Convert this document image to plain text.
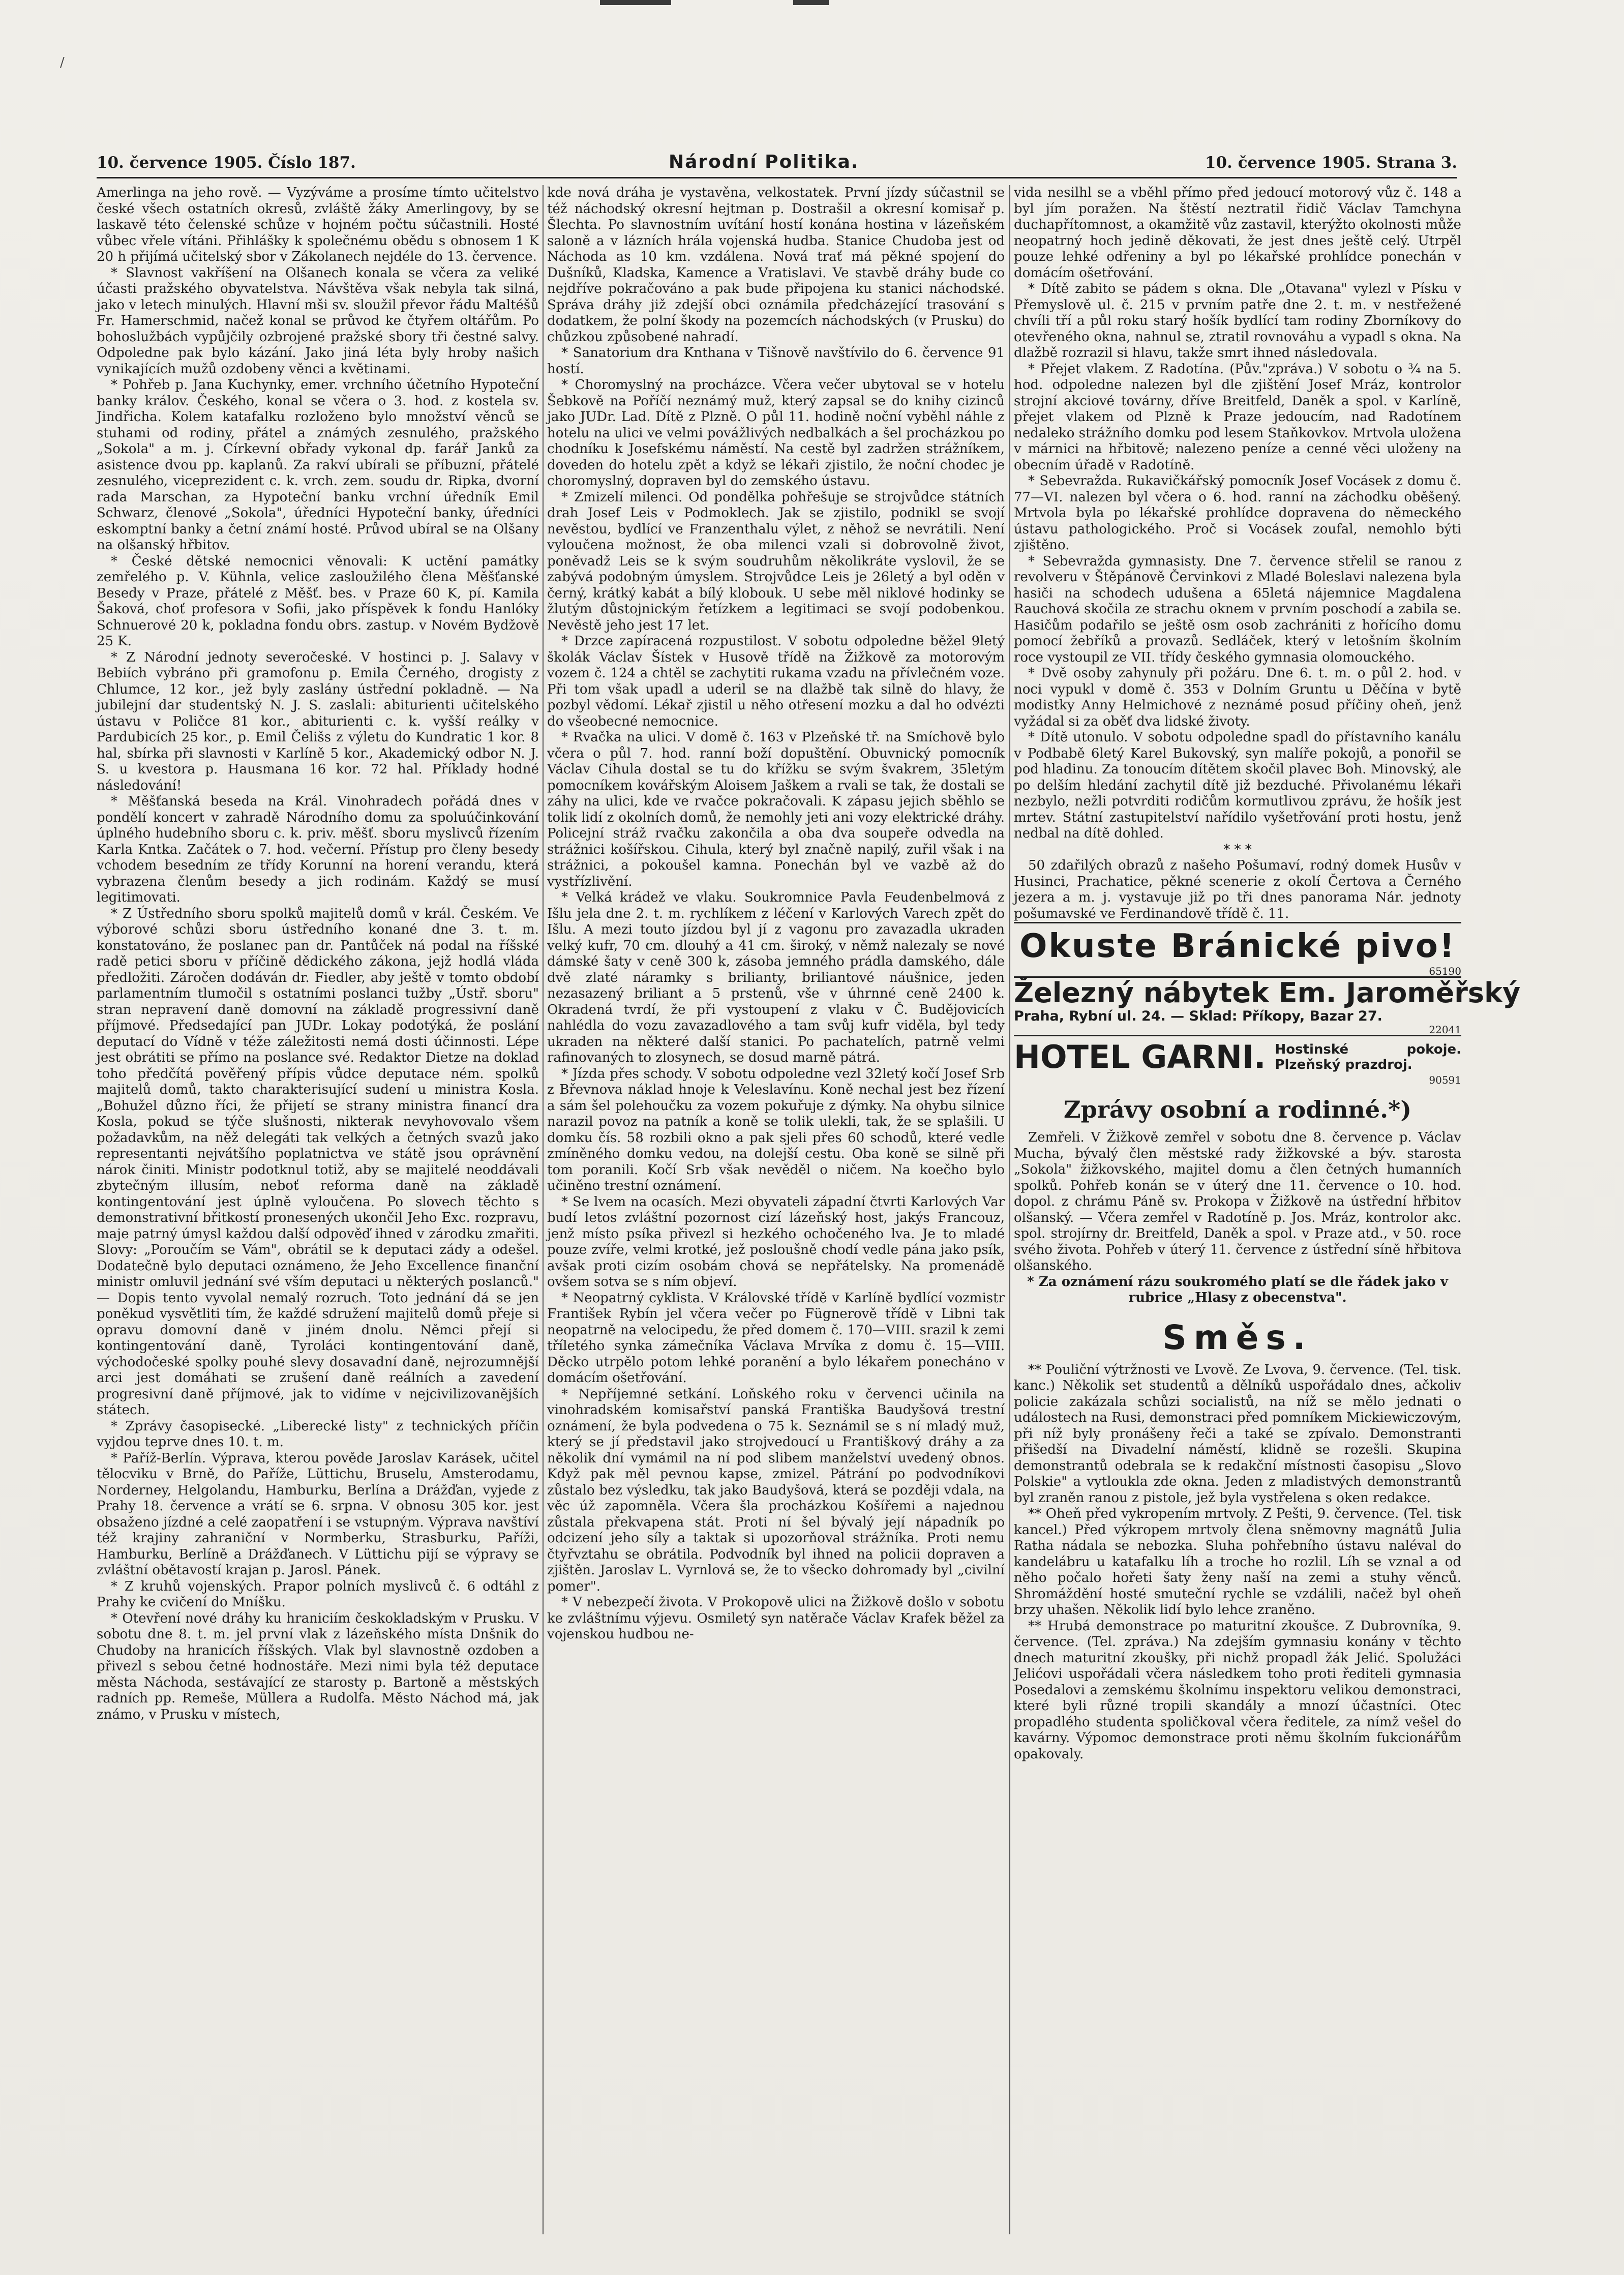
/
10. července 1905. Číslo 187.	Národní Politika.	10. července 1905. Strana 3.

Amerlinga na jeho rově. — Vyzýváme a prosíme tímto učitelstvo české všech ostatních okresů, zvláště žáky Amerlingovy, by se laskavě této čelenské schůze v hojném počtu súčastnili. Hosté vůbec vřele vítáni. Přihlášky k společnému obědu s obnosem 1 K 20 h přijímá učitelský sbor v Zákolanech nejdéle do 13. července.

* Slavnost vakříšení na Olšanech konala se včera za veliké účasti pražského obyvatelstva. Návštěva však nebyla tak silná, jako v letech minulých. Hlavní mši sv. sloužil převor řádu Maltéšů Fr. Hamerschmid, načež konal se průvod ke čtyřem oltářům. Po bohoslužbách vypůjčily ozbrojené pražské sbory tři čestné salvy. Odpoledne pak bylo kázání. Jako jiná léta byly hroby našich vynikajících mužů ozdobeny věnci a květinami.

* Pohřeb p. Jana Kuchynky, emer. vrchního účetního Hypoteční banky králov. Českého, konal se včera o 3. hod. z kostela sv. Jindřicha. Kolem katafalku rozloženo bylo množství věnců se stuhami od rodiny, přátel a známých zesnulého, pražského „Sokola" a m. j. Církevní obřady vykonal dp. farář Janků za asistence dvou pp. kaplanů. Za rakví ubírali se příbuzní, přátelé zesnulého, viceprezident c. k. vrch. zem. soudu dr. Ripka, dvorní rada Marschan, za Hypoteční banku vrchní úředník Emil Schwarz, členové „Sokola", úředníci Hypoteční banky, úředníci eskomptní banky a četní známí hosté. Průvod ubíral se na Olšany na olšanský hřbitov.

* České dětské nemocnici věnovali: K uctění památky zemřelého p. V. Kühnla, velice zasloužilého člena Měšťanské Besedy v Praze, přátelé z Měšť. bes. v Praze 60 K, pí. Kamila Šaková, choť profesora v Sofii, jako příspěvek k fondu Hanlóky Schnuerové 20 k, pokladna fondu obrs. zastup. v Novém Bydžově 25 K.

* Z Národní jednoty severočeské. V hostinci p. J. Salavy v Bebiích vybráno při gramofonu p. Emila Černého, drogisty z Chlumce, 12 kor., jež byly zaslány ústřední pokladně. — Na jubilejní dar studentský N. J. S. zaslali: abiturienti učitelského ústavu v Poličce 81 kor., abiturienti c. k. vyšší reálky v Pardubicích 25 kor., p. Emil Čelišs z výletu do Kundratic 1 kor. 8 hal, sbírka při slavnosti v Karlíně 5 kor., Akademický odbor N. J. S. u kvestora p. Hausmana 16 kor. 72 hal. Příklady hodné následování!

* Měšťanská beseda na Král. Vinohradech pořádá dnes v pondělí koncert v zahradě Národního domu za spoluúčinkování úplného hudebního sboru c. k. priv. měšť. sboru myslivců řízením Karla Kntka. Začátek o 7. hod. večerní. Přístup pro členy besedy vchodem besedním ze třídy Korunní na horení verandu, která vybrazena členům besedy a jich rodinám. Každý se musí legitimovati.

* Z Ústředního sboru spolků majitelů domů v král. Českém. Ve výborové schůzi sboru ústředního konané dne 3. t. m. konstatováno, že poslanec pan dr. Pantůček ná podal na říšské radě petici sboru v příčině dědického zákona, jejž hodlá vláda předložiti. Záročen dodáván dr. Fiedler, aby ještě v tomto období parlamentním tlumočil s ostatními poslanci tužby „Ústř. sboru" stran nepravení daně domovní na základě progressivní daně příjmové. Předsedající pan JUDr. Lokay podotýká, že poslání deputací do Vídně v téže záležitosti nemá dosti účinnosti. Lépe jest obrátiti se přímo na poslance své. Redaktor Dietze na doklad toho předčítá pověřený přípis vůdce deputace ném. spolků majitelů domů, takto charakterisující sudení u ministra Kosla. „Bohužel důzno říci, že přijetí se strany ministra financí dra Kosla, pokud se týče slušnosti, nikterak nevyhovovalo všem požadavkům, na něž delegáti tak velkých a četných svazů jako representanti nejvátšího poplatnictva ve státě jsou oprávnění nárok činiti. Ministr podotknul totiž, aby se majitelé neoddávali zbytečným illusím, neboť reforma daně na základě kontingentování jest úplně vyloučena. Po slovech těchto s demonstrativní břitkostí pronesených ukončil Jeho Exc. rozpravu, maje patrný úmysl každou další odpověď ihned v zárodku zmařiti. Slovy: „Poroučím se Vám", obrátil se k deputaci zády a odešel. Dodatečně bylo deputaci oznámeno, že Jeho Excellence finanční ministr omluvil jednání své vším deputaci u některých poslanců." — Dopis tento vyvolal nemalý rozruch. Toto jednání dá se jen poněkud vysvětliti tím, že každé sdružení majitelů domů přeje si opravu domovní daně v jiném dnolu. Němci přejí si kontingentování daně, Tyroláci kontingentování daně, východočeské spolky pouhé slevy dosavadní daně, nejrozumnější arci jest domáhati se zrušení daně reálních a zavedení progresivní daně příjmové, jak to vidíme v nejcivilizovanějších státech.

* Zprávy časopisecké. „Liberecké listy" z technických příčin vyjdou teprve dnes 10. t. m.

* Paříž-Berlín. Výprava, kterou pověde Jaroslav Karásek, učitel tělocviku v Brně, do Paříže, Lüttichu, Bruselu, Amsterodamu, Norderney, Helgolandu, Hamburku, Berlína a Drážďan, vyjede z Prahy 18. července a vrátí se 6. srpna. V obnosu 305 kor. jest obsaženo jízdné a celé zaopatření i se vstupným. Výprava navštíví též krajiny zahraniční v Normberku, Strasburku, Paříži, Hamburku, Berlíně a Drážďanech. V Lüttichu pijí se výpravy se zvláštní obětavostí krajan p. Jarosl. Pánek.

* Z kruhů vojenských. Prapor polních myslivců č. 6 odtáhl z Prahy ke cvičení do Mníšku.

* Otevření nové dráhy ku hraniciím českokladským v Prusku. V sobotu dne 8. t. m. jel první vlak z lázeňského místa Dnšnik do Chudoby na hranicích říšských. Vlak byl slavnostně ozdoben a přivezl s sebou četné hodnostáře. Mezi nimi byla též deputace města Náchoda, sestávající ze starosty p. Bartoně a městských radních pp. Remeše, Müllera a Rudolfa. Město Náchod má, jak známo, v Prusku v místech,

kde nová dráha je vystavěna, velkostatek. První jízdy súčastnil se též náchodský okresní hejtman p. Dostrašil a okresní komisař p. Šlechta. Po slavnostním uvítání hostí konána hostina v lázeňském saloně a v lázních hrála vojenská hudba. Stanice Chudoba jest od Náchoda as 10 km. vzdálena. Nová trať má pěkné spojení do Dušníků, Kladska, Kamence a Vratislavi. Ve stavbě dráhy bude co nejdříve pokračováno a pak bude připojena ku stanici náchodské. Správa dráhy již zdejší obci oznámila předcházející trasování s dodatkem, že polní škody na pozemcích náchodských (v Prusku) do chůzkou způsobené nahradí.

* Sanatorium dra Knthana v Tišnově navštívilo do 6. července 91 hostí.

* Choromyslný na procházce. Včera večer ubytoval se v hotelu Šebkově na Poříčí neznámý muž, který zapsal se do knihy cizinců jako JUDr. Lad. Dítě z Plzně. O půl 11. hodině noční vyběhl náhle z hotelu na ulici ve velmi povážlivých nedbalkách a šel procházkou po chodníku k Josefskému náměstí. Na cestě byl zadržen strážníkem, doveden do hotelu zpět a když se lékaři zjistilo, že noční chodec je choromyslný, dopraven byl do zemského ústavu.

* Zmizelí milenci. Od pondělka pohřešuje se strojvůdce státních drah Josef Leis v Podmoklech. Jak se zjistilo, podnikl se svojí nevěstou, bydlící ve Franzenthalu výlet, z něhož se nevrátili. Není vyloučena možnost, že oba milenci vzali si dobrovolně život, poněvadž Leis se k svým soudruhům několikráte vyslovil, že se zabývá podobným úmyslem. Strojvůdce Leis je 26letý a byl oděn v černý, krátký kabát a bílý klobouk. U sebe měl niklové hodinky se žlutým důstojnickým řetízkem a legitimaci se svojí podobenkou. Nevěstě jeho jest 17 let.

* Drzce zapíracená rozpustilost. V sobotu odpoledne běžel 9letý školák Václav Šístek v Husově třídě na Žižkově za motorovým vozem č. 124 a chtěl se zachytiti rukama vzadu na přívlečném voze. Při tom však upadl a uderil se na dlažbě tak silně do hlavy, že pozbyl vědomí. Lékař zjistil u něho otřesení mozku a dal ho odvézti do všeobecné nemocnice.

* Rvačka na ulici. V domě č. 163 v Plzeňské tř. na Smíchově bylo včera o půl 7. hod. ranní boží dopuštění. Obuvnický pomocník Václav Cihula dostal se tu do křížku se svým švakrem, 35letým pomocníkem kovářským Aloisem Jaškem a rvali se tak, že dostali se záhy na ulici, kde ve rvačce pokračovali. K zápasu jejich sběhlo se tolik lidí z okolních domů, že nemohly jeti ani vozy elektrické dráhy. Policejní stráž rvačku zakončila a oba dva soupeře odvedla na strážnici košířskou. Cihula, který byl značně napilý, zuřil však i na strážnici, a pokoušel kamna. Ponechán byl ve vazbě až do vystřízlivění.

* Velká krádež ve vlaku. Soukromnice Pavla Feudenbelmová z Išlu jela dne 2. t. m. rychlíkem z léčení v Karlových Varech zpět do Išlu. A mezi touto jízdou byl jí z vagonu pro zavazadla ukraden velký kufr, 70 cm. dlouhý a 41 cm. široký, v němž nalezaly se nové dámské šaty v ceně 300 k, zásoba jemného prádla damského, dále dvě zlaté náramky s brilianty, briliantové náušnice, jeden nezasazený briliant a 5 prstenů, vše v úhrnné ceně 2400 k. Okradená tvrdí, že při vystoupení z vlaku v Č. Budějovicích nahlédla do vozu zavazadlového a tam svůj kufr viděla, byl tedy ukraden na některé další stanici. Po pachatelích, patrně velmi rafinovaných to zlosynech, se dosud marně pátrá.

* Jízda přes schody. V sobotu odpoledne vezl 32letý kočí Josef Srb z Břevnova náklad hnoje k Veleslavínu. Koně nechal jest bez řízení a sám šel polehoučku za vozem pokuřuje z dýmky. Na ohybu silnice narazil povoz na patník a koně se tolik ulekli, tak, že se splašili. U domku čís. 58 rozbili okno a pak sjeli přes 60 schodů, které vedle zmíněného domku vedou, na dolejší cestu. Oba koně se silně při tom poranili. Kočí Srb však nevěděl o ničem. Na koečho bylo učiněno trestní oznámení.

* Se lvem na ocasích. Mezi obyvateli západní čtvrti Karlových Var budí letos zvláštní pozornost cizí lázeňský host, jakýs Francouz, jenž místo psíka přivezl si hezkého ochočeného lva. Je to mladé pouze zvíře, velmi krotké, jež posloušně chodí vedle pána jako psík, avšak proti cizím osobám chová se nepřátelsky. Na promenádě ovšem sotva se s ním objeví.

* Neopatrný cyklista. V Královské třídě v Karlíně bydlící vozmistr František Rybín jel včera večer po Fügnerově třídě v Libni tak neopatrně na velocipedu, že před domem č. 170—VIII. srazil k zemi tříletého synka zámečníka Václava Mrvíka z domu č. 15—VIII. Děcko utrpělo potom lehké poranění a bylo lékařem ponecháno v domácím ošetřování.

* Nepříjemné setkání. Loňského roku v červenci učinila na vinohradském komisařství panská Františka Baudyšová trestní oznámení, že byla podvedena o 75 k. Seznámil se s ní mladý muž, který se jí představil jako strojvedoucí u Františkový dráhy a za několik dní vymámil na ní pod slibem manželství uvedený obnos. Když pak měl pevnou kapse, zmizel. Pátrání po podvodníkovi zůstalo bez výsledku, tak jako Baudyšová, která se později vdala, na věc úž zapomněla. Včera šla procházkou Košířemi a najednou zůstala překvapena stát. Proti ní šel bývalý její nápadník po odcizení jeho síly a taktak si upozorňoval strážníka. Proti nemu čtyřvztahu se obrátila. Podvodník byl ihned na policii dopraven a zjištěn. Jaroslav L. Vyrnlová se, že to všecko dohromady byl „civilní pomer".

* V nebezpečí života. V Prokopově ulici na Žižkově došlo v sobotu ke zvláštnímu výjevu. Osmiletý syn natěrače Václav Krafek běžel za vojenskou hudbou ne-

vida nesilhl se a vběhl přímo před jedoucí motorový vůz č. 148 a byl jím poražen. Na štěstí neztratil řidič Václav Tamchyna duchapřítomnost, a okamžitě vůz zastavil, kterýžto okolnosti může neopatrný hoch jedině děkovati, že jest dnes ještě celý. Utrpěl pouze lehké odřeniny a byl po lékařské prohlídce ponechán v domácím ošetřování.

* Dítě zabito se pádem s okna. Dle „Otavana" vylezl v Písku v Přemyslově ul. č. 215 v prvním patře dne 2. t. m. v nestřežené chvíli tří a půl roku starý hošík bydlící tam rodiny Zborníkovy do otevřeného okna, nahnul se, ztratil rovnováhu a vypadl s okna. Na dlažbě rozrazil si hlavu, takže smrt ihned následovala.

* Přejet vlakem. Z Radotína. (Pův."zpráva.) V sobotu o ¾ na 5. hod. odpoledne nalezen byl dle zjištění Josef Mráz, kontrolor strojní akciové továrny, dříve Breitfeld, Daněk a spol. v Karlíně, přejet vlakem od Plzně k Praze jedoucím, nad Radotínem nedaleko strážního domku pod lesem Staňkovkov. Mrtvola uložena v márnici na hřbitově; nalezeno peníze a cenné věci uloženy na obecním úřadě v Radotíně.

* Sebevražda. Rukavičkářský pomocník Josef Vocásek z domu č. 77—VI. nalezen byl včera o 6. hod. ranní na záchodku oběšený. Mrtvola byla po lékařské prohlídce dopravena do německého ústavu pathologického. Proč si Vocásek zoufal, nemohlo býti zjištěno.

* Sebevražda gymnasisty. Dne 7. července střelil se ranou z revolveru v Štěpánově Červinkovi z Mladé Boleslavi nalezena byla hasiči na schodech udušena a 65letá nájemnice Magdalena Rauchová skočila ze strachu oknem v prvním poschodí a zabila se. Hasičům podařilo se ještě osm osob zachrániti z hořícího domu pomocí žebříků a provazů. Sedláček, který v letošním školním roce vystoupil ze VII. třídy českého gymnasia olomouckého.

* Dvě osoby zahynuly při požáru. Dne 6. t. m. o půl 2. hod. v noci vypukl v domě č. 353 v Dolním Gruntu u Děčína v bytě modistky Anny Helmichové z neznámé posud příčiny oheň, jenž vyžádal si za oběť dva lidské životy.

* Dítě utonulo. V sobotu odpoledne spadl do přístavního kanálu v Podbabě 6letý Karel Bukovský, syn malíře pokojů, a ponořil se pod hladinu. Za tonoucím dítětem skočil plavec Boh. Minovský, ale po delším hledání zachytil dítě již bezduché. Přivolanému lékaři nezbylo, nežli potvrditi rodičům kormutlivou zprávu, že hošík jest mrtev. Státní zastupitelství nařídilo vyšetřování proti hostu, jenž nedbal na dítě dohled.

* * *

50 zdařilých obrazů z našeho Pošumaví, rodný domek Husův v Husinci, Prachatice, pěkné scenerie z okolí Čertova a Černého jezera a m. j. vystavuje již po tři dnes panorama Nár. jednoty pošumavské ve Ferdinandově třídě č. 11.

Okuste Bránické pivo!

65190

Železný nábytek Em. Jaroměřský
Praha, Rybní ul. 24. — Sklad: Příkopy, Bazar 27.

22041

HOTEL GARNI. Hostinské pokoje. Plzeňský prazdroj.

90591

Zprávy osobní a rodinné.*)

Zemřeli. V Žižkově zemřel v sobotu dne 8. července p. Václav Mucha, bývalý člen městské rady žižkovské a býv. starosta „Sokola" žižkovského, majitel domu a člen četných humanních spolků. Pohřeb konán se v úterý dne 11. července o 10. hod. dopol. z chrámu Páně sv. Prokopa v Žižkově na ústřední hřbitov olšanský. — Včera zemřel v Radotíně p. Jos. Mráz, kontrolor akc. spol. strojírny dr. Breitfeld, Daněk a spol. v Praze atd., v 50. roce svého života. Pohřeb v úterý 11. července z ústřední síně hřbitova olšanského.

* Za oznámení rázu soukromého platí se dle řádek jako v rubrice „Hlasy z obecenstva".

Směs.

** Pouliční výtržnosti ve Lvově. Ze Lvova, 9. července. (Tel. tisk. kanc.) Několik set studentů a dělníků uspořádalo dnes, ačkoliv policie zakázala schůzi socialistů, na níž se mělo jednati o událostech na Rusi, demonstraci před pomníkem Mickiewiczovým, při níž byly pronášeny řeči a také se zpívalo. Demonstranti přišedší na Divadelní náměstí, klidně se rozešli. Skupina demonstrantů odebrala se k redakční místnosti časopisu „Slovo Polskie" a vytloukla zde okna. Jeden z mladistvých demonstrantů byl zraněn ranou z pistole, jež byla vystřelena s oken redakce.

** Oheň před vykropením mrtvoly. Z Pešti, 9. července. (Tel. tisk kancel.) Před výkropem mrtvoly člena sněmovny magnátů Julia Ratha nádala se nebozka. Sluha pohřebního ústavu naléval do kandelábru u katafalku líh a troche ho rozlil. Líh se vznal a od něho počalo hořeti šaty ženy naší na zemi a stuhy věnců. Shromáždění hosté smuteční rychle se vzdálili, načež byl oheň brzy uhašen. Několik lidí bylo lehce zraněno.

** Hrubá demonstrace po maturitní zkoušce. Z Dubrovníka, 9. července. (Tel. zpráva.) Na zdejším gymnasiu konány v těchto dnech maturitní zkoušky, při nichž propadl žák Jelić. Spolužáci Jelićovi uspořádali včera následkem toho proti řediteli gymnasia Posedalovi a zemskému školnímu inspektoru velikou demonstraci, které byli různé tropili skandály a mnozí účastníci. Otec propadlého studenta spoličkoval včera ředitele, za nímž vešel do kavárny. Výpomoc demonstrace proti němu školním fukcionářům opakovaly.
